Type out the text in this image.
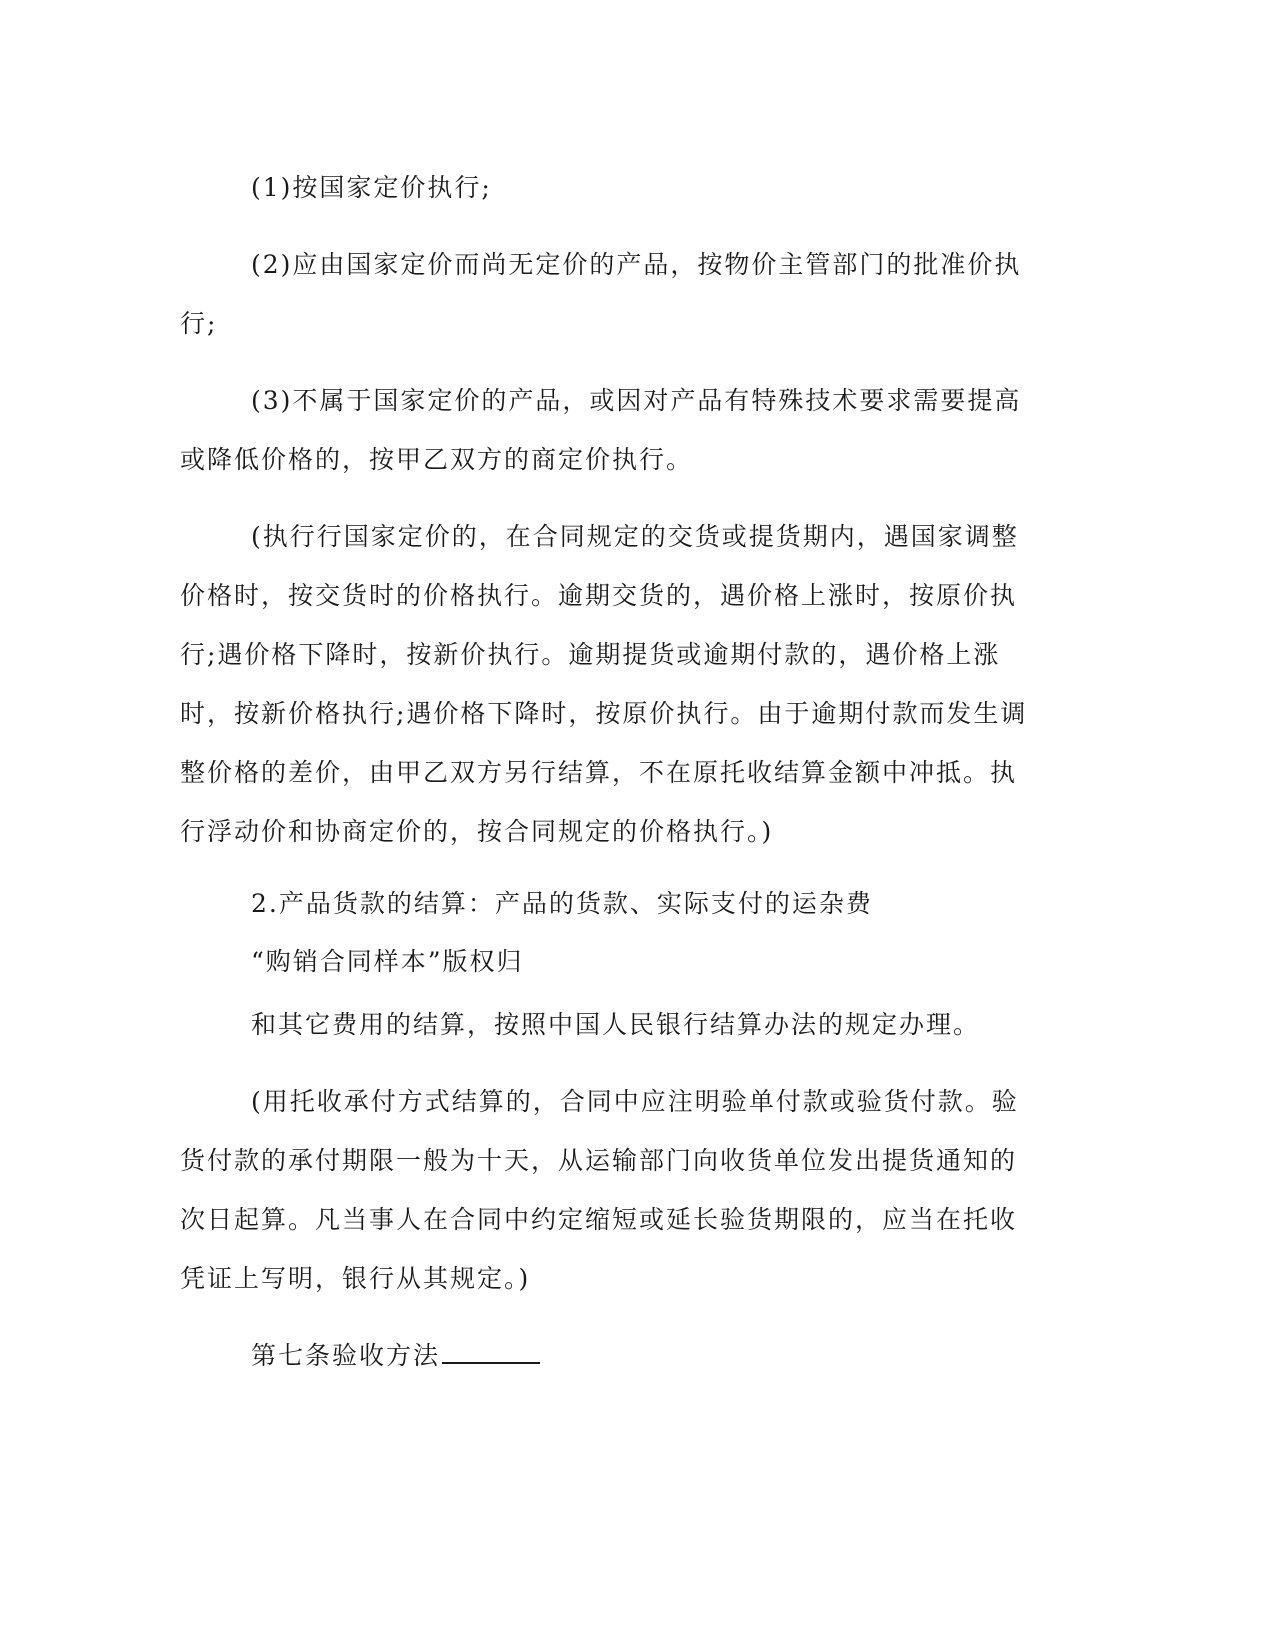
(1)按国家定价执行;

(2)应由国家定价而尚无定价的产品，按物价主管部门的批准价执行;

(3)不属于国家定价的产品，或因对产品有特殊技术要求需要提高或降低价格的，按甲乙双方的商定价执行。

(执行行国家定价的，在合同规定的交货或提货期内，遇国家调整价格时，按交货时的价格执行。逾期交货的，遇价格上涨时，按原价执行;遇价格下降时，按新价执行。逾期提货或逾期付款的，遇价格上涨时，按新价格执行;遇价格下降时，按原价执行。由于逾期付款而发生调整价格的差价，由甲乙双方另行结算，不在原托收结算金额中冲抵。执行浮动价和协商定价的，按合同规定的价格执行。)

2.产品货款的结算：产品的货款、实际支付的运杂费

“购销合同样本”版权归

和其它费用的结算，按照中国人民银行结算办法的规定办理。

(用托收承付方式结算的，合同中应注明验单付款或验货付款。验货付款的承付期限一般为十天，从运输部门向收货单位发出提货通知的次日起算。凡当事人在合同中约定缩短或延长验货期限的，应当在托收凭证上写明，银行从其规定。)

第七条验收方法
